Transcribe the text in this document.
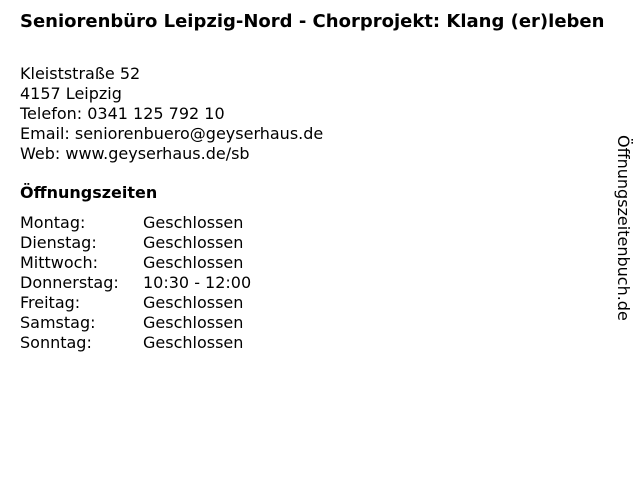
Seniorenbüro Leipzig-Nord - Chorprojekt: Klang (er)leben
Kleiststraße 52
4157 Leipzig
Telefon: 0341 125 792 10
Email: seniorenbuero@geyserhaus.de
Web: www.geyserhaus.de/sb
Öffnungszeiten
Montag:	Geschlossen
Dienstag:	Geschlossen
Mittwoch:	Geschlossen
Donnerstag: 10:30 - 12:00
Freitag:	Geschlossen
Samstag:	Geschlossen
Sonntag:	Geschlossen
Öffnungszeitenbuch.de
